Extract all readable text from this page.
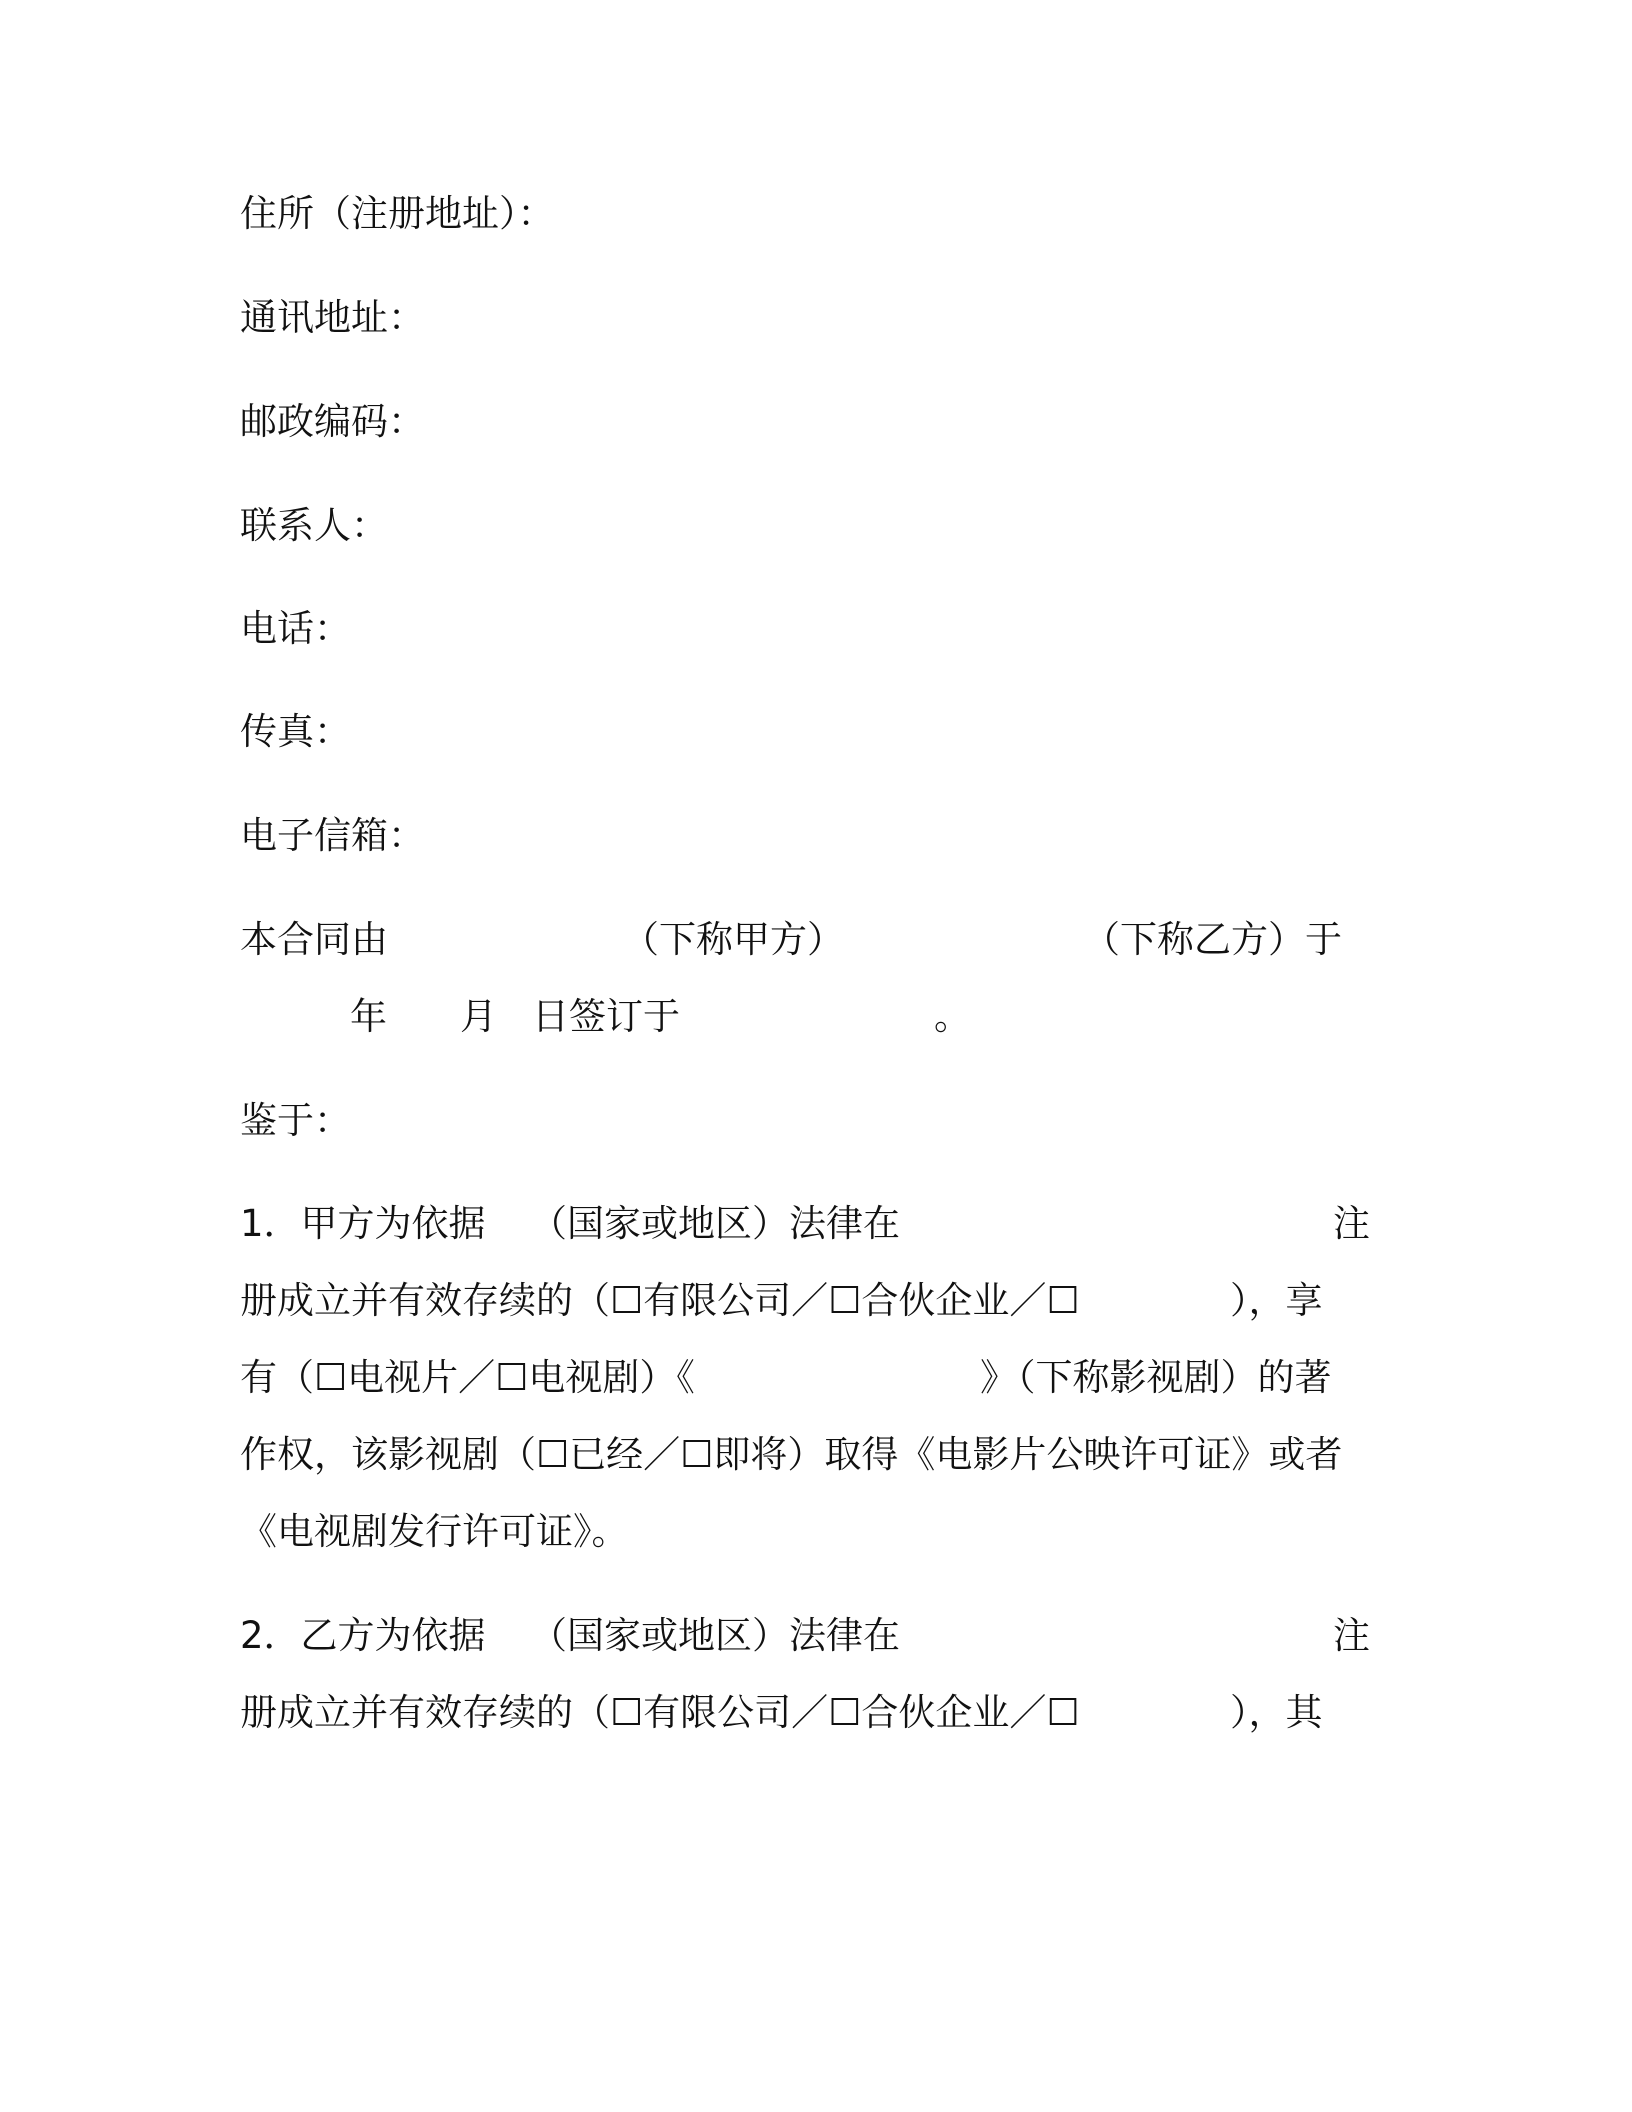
住所（注册地址）：
通讯地址：
邮政编码：
联系人：
电话：
传真：
电子信箱：
本合同由	（下称甲方）	（下称乙方）于
年 月 日签订于	。
鉴于：
1．甲方为依据 （国家或地区）法律在	注
册成立并有效存续的（☐有限公司／☐合伙企业／☐	），享
有（☐电视片／☐电视剧）《	》（下称影视剧）的著
作权，该影视剧（☐已经／☐即将）取得《电影片公映许可证》或者
《电视剧发行许可证》。
2．乙方为依据 （国家或地区）法律在	注
册成立并有效存续的（☐有限公司／☐合伙企业／☐	），其
